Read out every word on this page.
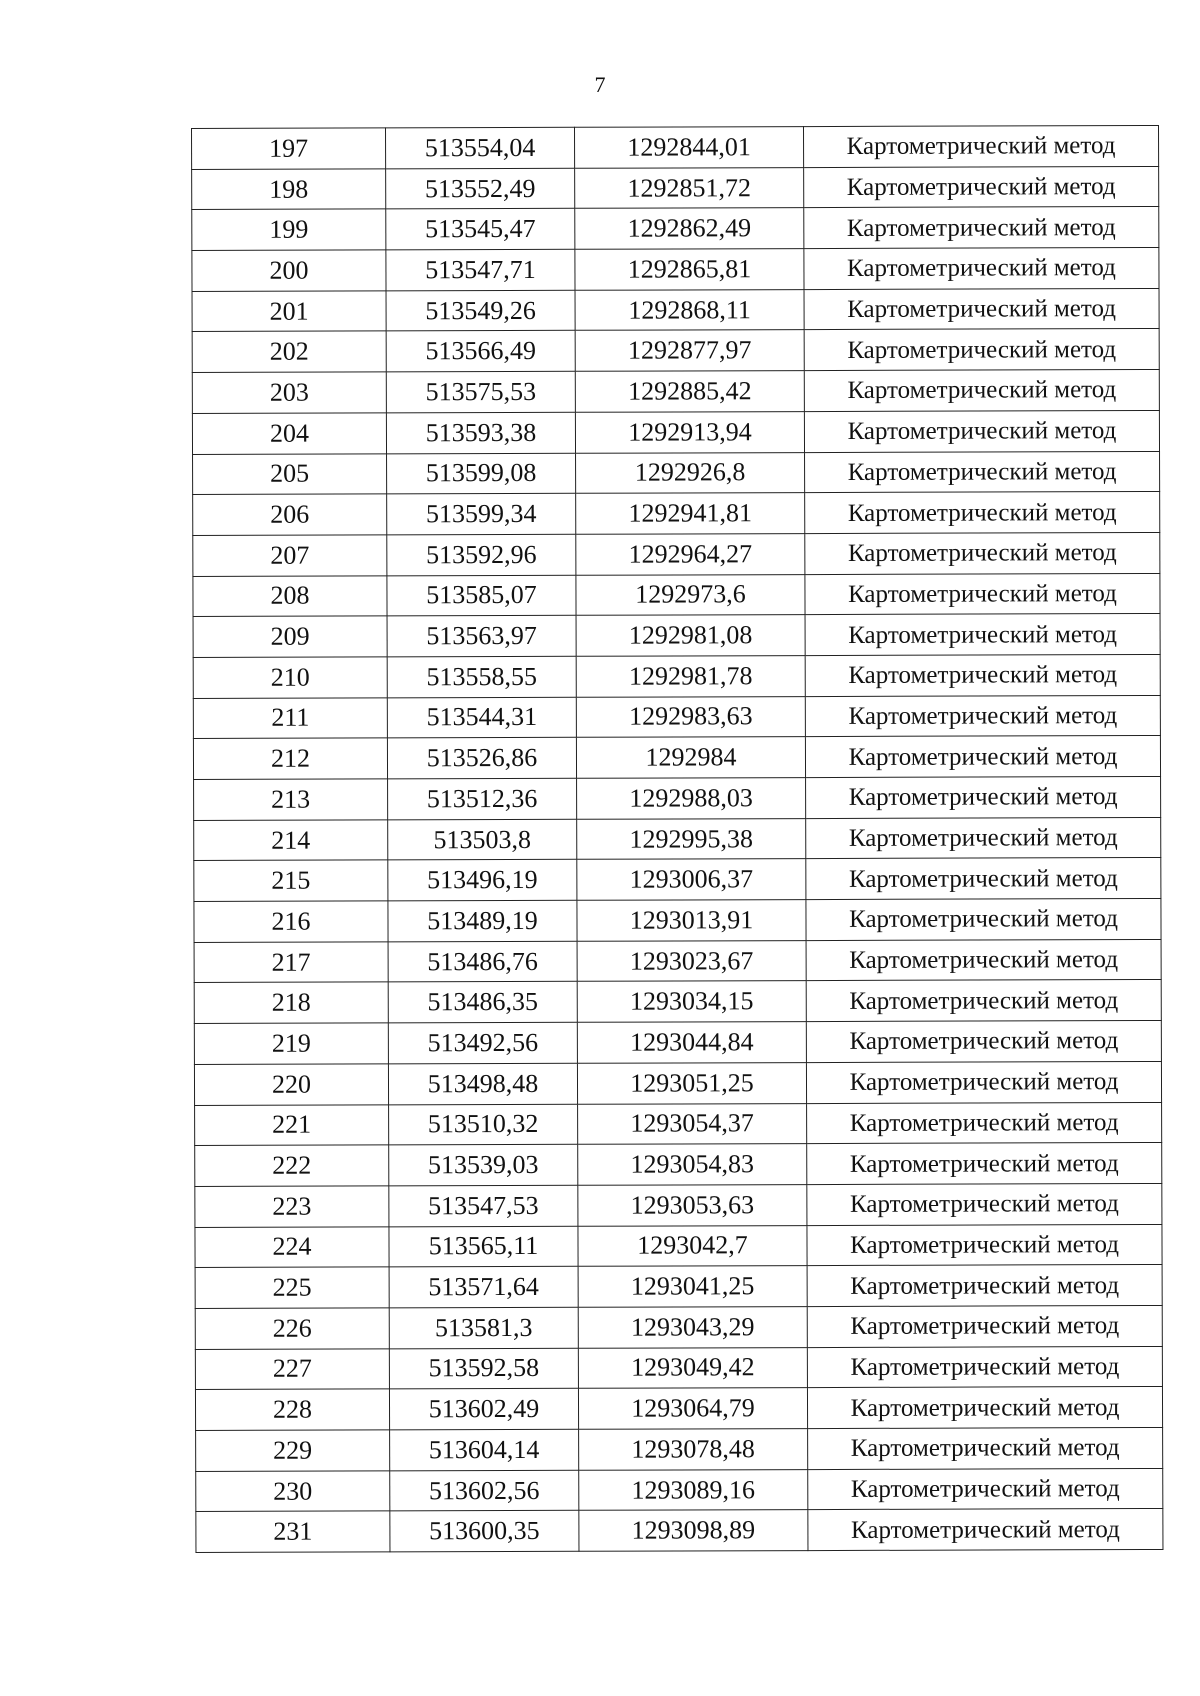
7
197	513554,04	1292844,01	Картометрический метод
198	513552,49	1292851,72	Картометрический метод
199	513545,47	1292862,49	Картометрический метод
200	513547,71	1292865,81	Картометрический метод
201	513549,26	1292868,11	Картометрический метод
202	513566,49	1292877,97	Картометрический метод
203	513575,53	1292885,42	Картометрический метод
204	513593,38	1292913,94	Картометрический метод
205	513599,08	1292926,8	Картометрический метод
206	513599,34	1292941,81	Картометрический метод
207	513592,96	1292964,27	Картометрический метод
208	513585,07	1292973,6	Картометрический метод
209	513563,97	1292981,08	Картометрический метод
210	513558,55	1292981,78	Картометрический метод
211	513544,31	1292983,63	Картометрический метод
212	513526,86	1292984	Картометрический метод
213	513512,36	1292988,03	Картометрический метод
214	513503,8	1292995,38	Картометрический метод
215	513496,19	1293006,37	Картометрический метод
216	513489,19	1293013,91	Картометрический метод
217	513486,76	1293023,67	Картометрический метод
218	513486,35	1293034,15	Картометрический метод
219	513492,56	1293044,84	Картометрический метод
220	513498,48	1293051,25	Картометрический метод
221	513510,32	1293054,37	Картометрический метод
222	513539,03	1293054,83	Картометрический метод
223	513547,53	1293053,63	Картометрический метод
224	513565,11	1293042,7	Картометрический метод
225	513571,64	1293041,25	Картометрический метод
226	513581,3	1293043,29	Картометрический метод
227	513592,58	1293049,42	Картометрический метод
228	513602,49	1293064,79	Картометрический метод
229	513604,14	1293078,48	Картометрический метод
230	513602,56	1293089,16	Картометрический метод
231	513600,35	1293098,89	Картометрический метод
